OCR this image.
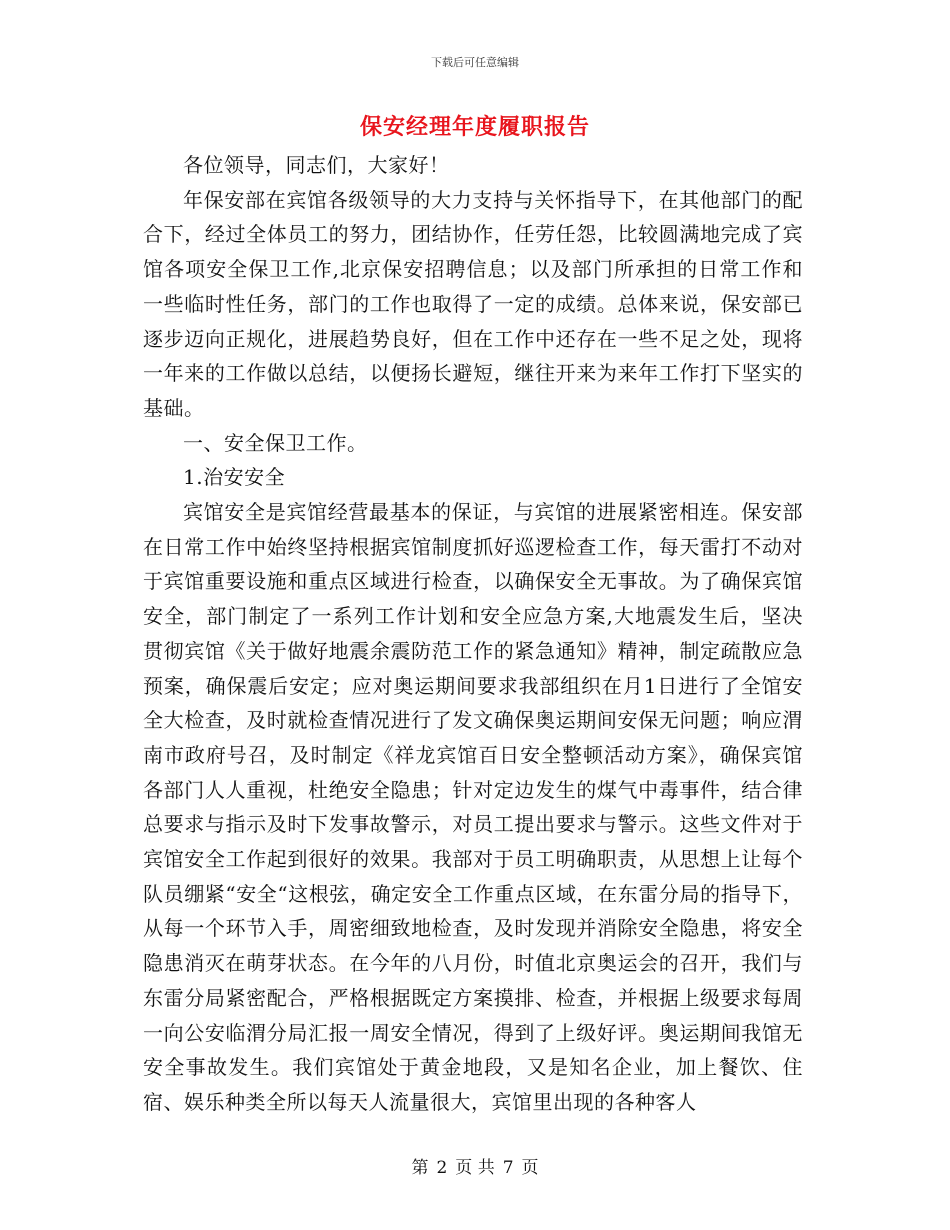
下载后可任意编辑
保安经理年度履职报告

各位领导，同志们，大家好！

年保安部在宾馆各级领导的大力支持与关怀指导下，在其他部门的配合下，经过全体员工的努力，团结协作，任劳任怨，比较圆满地完成了宾馆各项安全保卫工作,北京保安招聘信息；以及部门所承担的日常工作和一些临时性任务，部门的工作也取得了一定的成绩。总体来说，保安部已逐步迈向正规化，进展趋势良好，但在工作中还存在一些不足之处，现将一年来的工作做以总结，以便扬长避短，继往开来为来年工作打下坚实的基础。

一、安全保卫工作。

1.治安安全

宾馆安全是宾馆经营最基本的保证，与宾馆的进展紧密相连。保安部在日常工作中始终坚持根据宾馆制度抓好巡逻检查工作，每天雷打不动对于宾馆重要设施和重点区域进行检查，以确保安全无事故。为了确保宾馆安全，部门制定了一系列工作计划和安全应急方案,大地震发生后，坚决贯彻宾馆《关于做好地震余震防范工作的紧急通知》精神，制定疏散应急预案，确保震后安定；应对奥运期间要求我部组织在月1日进行了全馆安全大检查，及时就检查情况进行了发文确保奥运期间安保无问题；响应渭南市政府号召，及时制定《祥龙宾馆百日安全整顿活动方案》，确保宾馆各部门人人重视，杜绝安全隐患；针对定边发生的煤气中毒事件，结合律总要求与指示及时下发事故警示，对员工提出要求与警示。这些文件对于宾馆安全工作起到很好的效果。我部对于员工明确职责，从思想上让每个队员绷紧“安全“这根弦，确定安全工作重点区域，在东雷分局的指导下，从每一个环节入手，周密细致地检查，及时发现并消除安全隐患，将安全隐患消灭在萌芽状态。在今年的八月份，时值北京奥运会的召开，我们与东雷分局紧密配合，严格根据既定方案摸排、检查，并根据上级要求每周一向公安临渭分局汇报一周安全情况，得到了上级好评。奥运期间我馆无安全事故发生。我们宾馆处于黄金地段，又是知名企业，加上餐饮、住宿、娱乐种类全所以每天人流量很大，宾馆里出现的各种客人

第 2 页 共 7 页
